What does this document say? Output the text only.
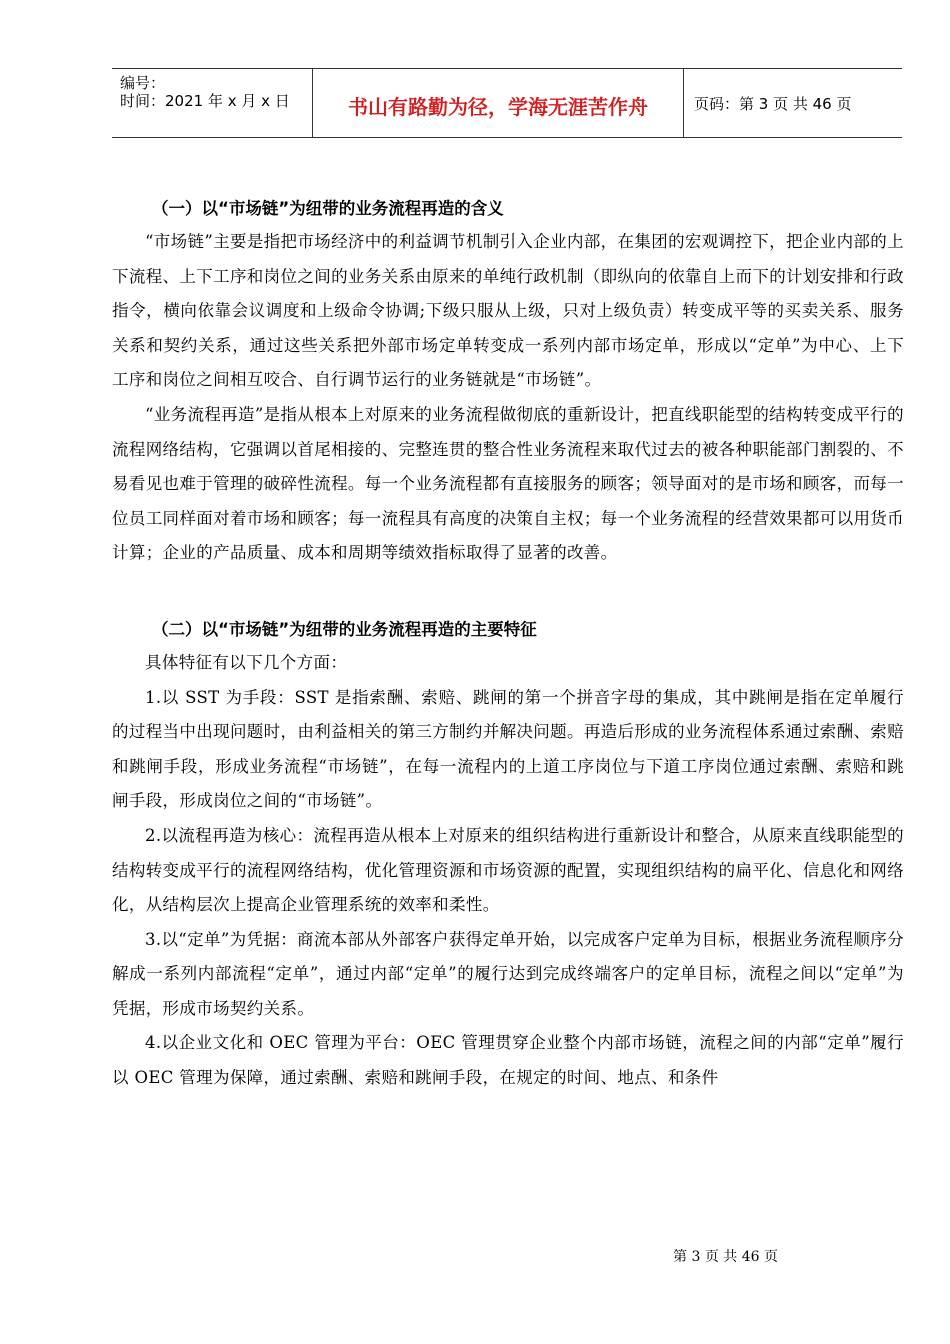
编号：
时间：2021 年 x 月 x 日	书山有路勤为径，学海无涯苦作舟	页码：第 3 页 共 46 页
（一）以“市场链”为纽带的业务流程再造的含义

“市场链”主要是指把市场经济中的利益调节机制引入企业内部，在集团的宏观调控下，把企业内部的上下流程、上下工序和岗位之间的业务关系由原来的单纯行政机制（即纵向的依靠自上而下的计划安排和行政指令，横向依靠会议调度和上级命令协调;下级只服从上级，只对上级负责）转变成平等的买卖关系、服务关系和契约关系，通过这些关系把外部市场定单转变成一系列内部市场定单，形成以“定单”为中心、上下工序和岗位之间相互咬合、自行调节运行的业务链就是“市场链”。

“业务流程再造”是指从根本上对原来的业务流程做彻底的重新设计，把直线职能型的结构转变成平行的流程网络结构，它强调以首尾相接的、完整连贯的整合性业务流程来取代过去的被各种职能部门割裂的、不易看见也难于管理的破碎性流程。每一个业务流程都有直接服务的顾客；领导面对的是市场和顾客，而每一位员工同样面对着市场和顾客；每一流程具有高度的决策自主权；每一个业务流程的经营效果都可以用货币计算；企业的产品质量、成本和周期等绩效指标取得了显著的改善。

（二）以“市场链”为纽带的业务流程再造的主要特征

具体特征有以下几个方面：

1.以 SST 为手段：SST 是指索酬、索赔、跳闸的第一个拼音字母的集成，其中跳闸是指在定单履行的过程当中出现问题时，由利益相关的第三方制约并解决问题。再造后形成的业务流程体系通过索酬、索赔和跳闸手段，形成业务流程“市场链”，在每一流程内的上道工序岗位与下道工序岗位通过索酬、索赔和跳闸手段，形成岗位之间的“市场链”。

2.以流程再造为核心：流程再造从根本上对原来的组织结构进行重新设计和整合，从原来直线职能型的结构转变成平行的流程网络结构，优化管理资源和市场资源的配置，实现组织结构的扁平化、信息化和网络化，从结构层次上提高企业管理系统的效率和柔性。

3.以“定单”为凭据：商流本部从外部客户获得定单开始，以完成客户定单为目标，根据业务流程顺序分解成一系列内部流程“定单”，通过内部“定单”的履行达到完成终端客户的定单目标，流程之间以“定单”为凭据，形成市场契约关系。

4.以企业文化和 OEC 管理为平台：OEC 管理贯穿企业整个内部市场链，流程之间的内部“定单”履行以 OEC 管理为保障，通过索酬、索赔和跳闸手段，在规定的时间、地点、和条件

第 3 页 共 46 页
